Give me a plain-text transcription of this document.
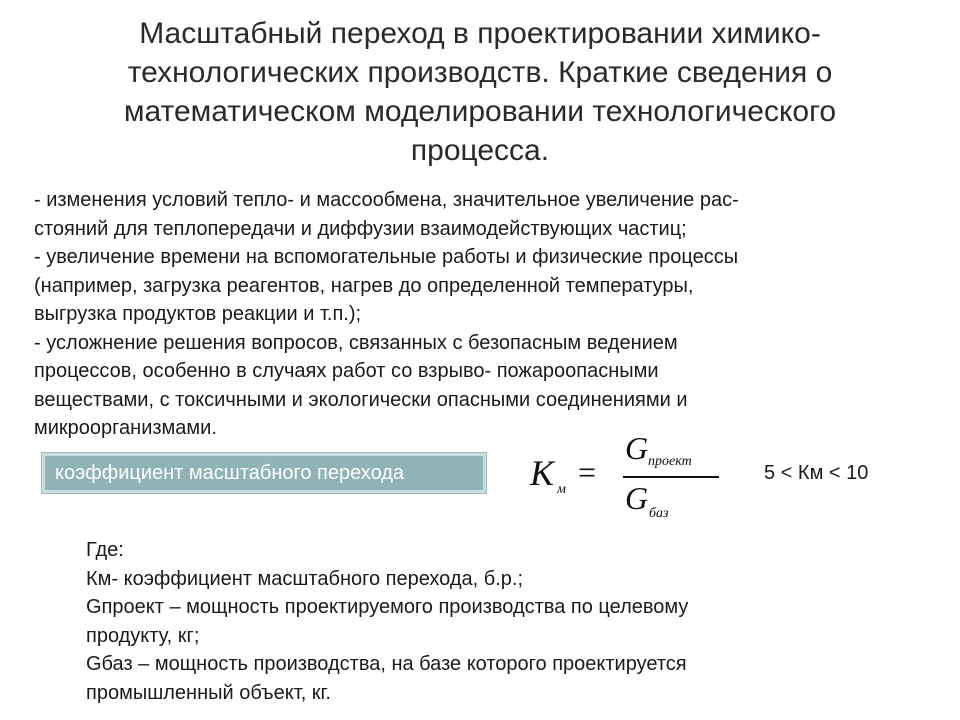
Масштабный переход в проектировании химико-
технологических производств. Краткие сведения о
математическом моделировании технологического
процесса.
- изменения условий тепло- и массообмена, значительное увеличение рас-
стояний для теплопередачи и диффузии взаимодействующих частиц;
- увеличение времени на вспомогательные работы и физические процессы
(например, загрузка реагентов, нагрев до определенной температуры,
выгрузка продуктов реакции и т.п.);
- усложнение решения вопросов, связанных с безопасным ведением
процессов, особенно в случаях работ со взрыво- пожароопасными
веществами, с токсичными и экологически опасными соединениями и
микроорганизмами.
коэффициент масштабного перехода	K м =
G проект
G баз
5 < Км < 10
Где:
Км- коэффициент масштабного перехода, б.р.;
Gпроект – мощность проектируемого производства по целевому
продукту, кг;
Gбаз – мощность производства, на базе которого проектируется
промышленный объект, кг.
